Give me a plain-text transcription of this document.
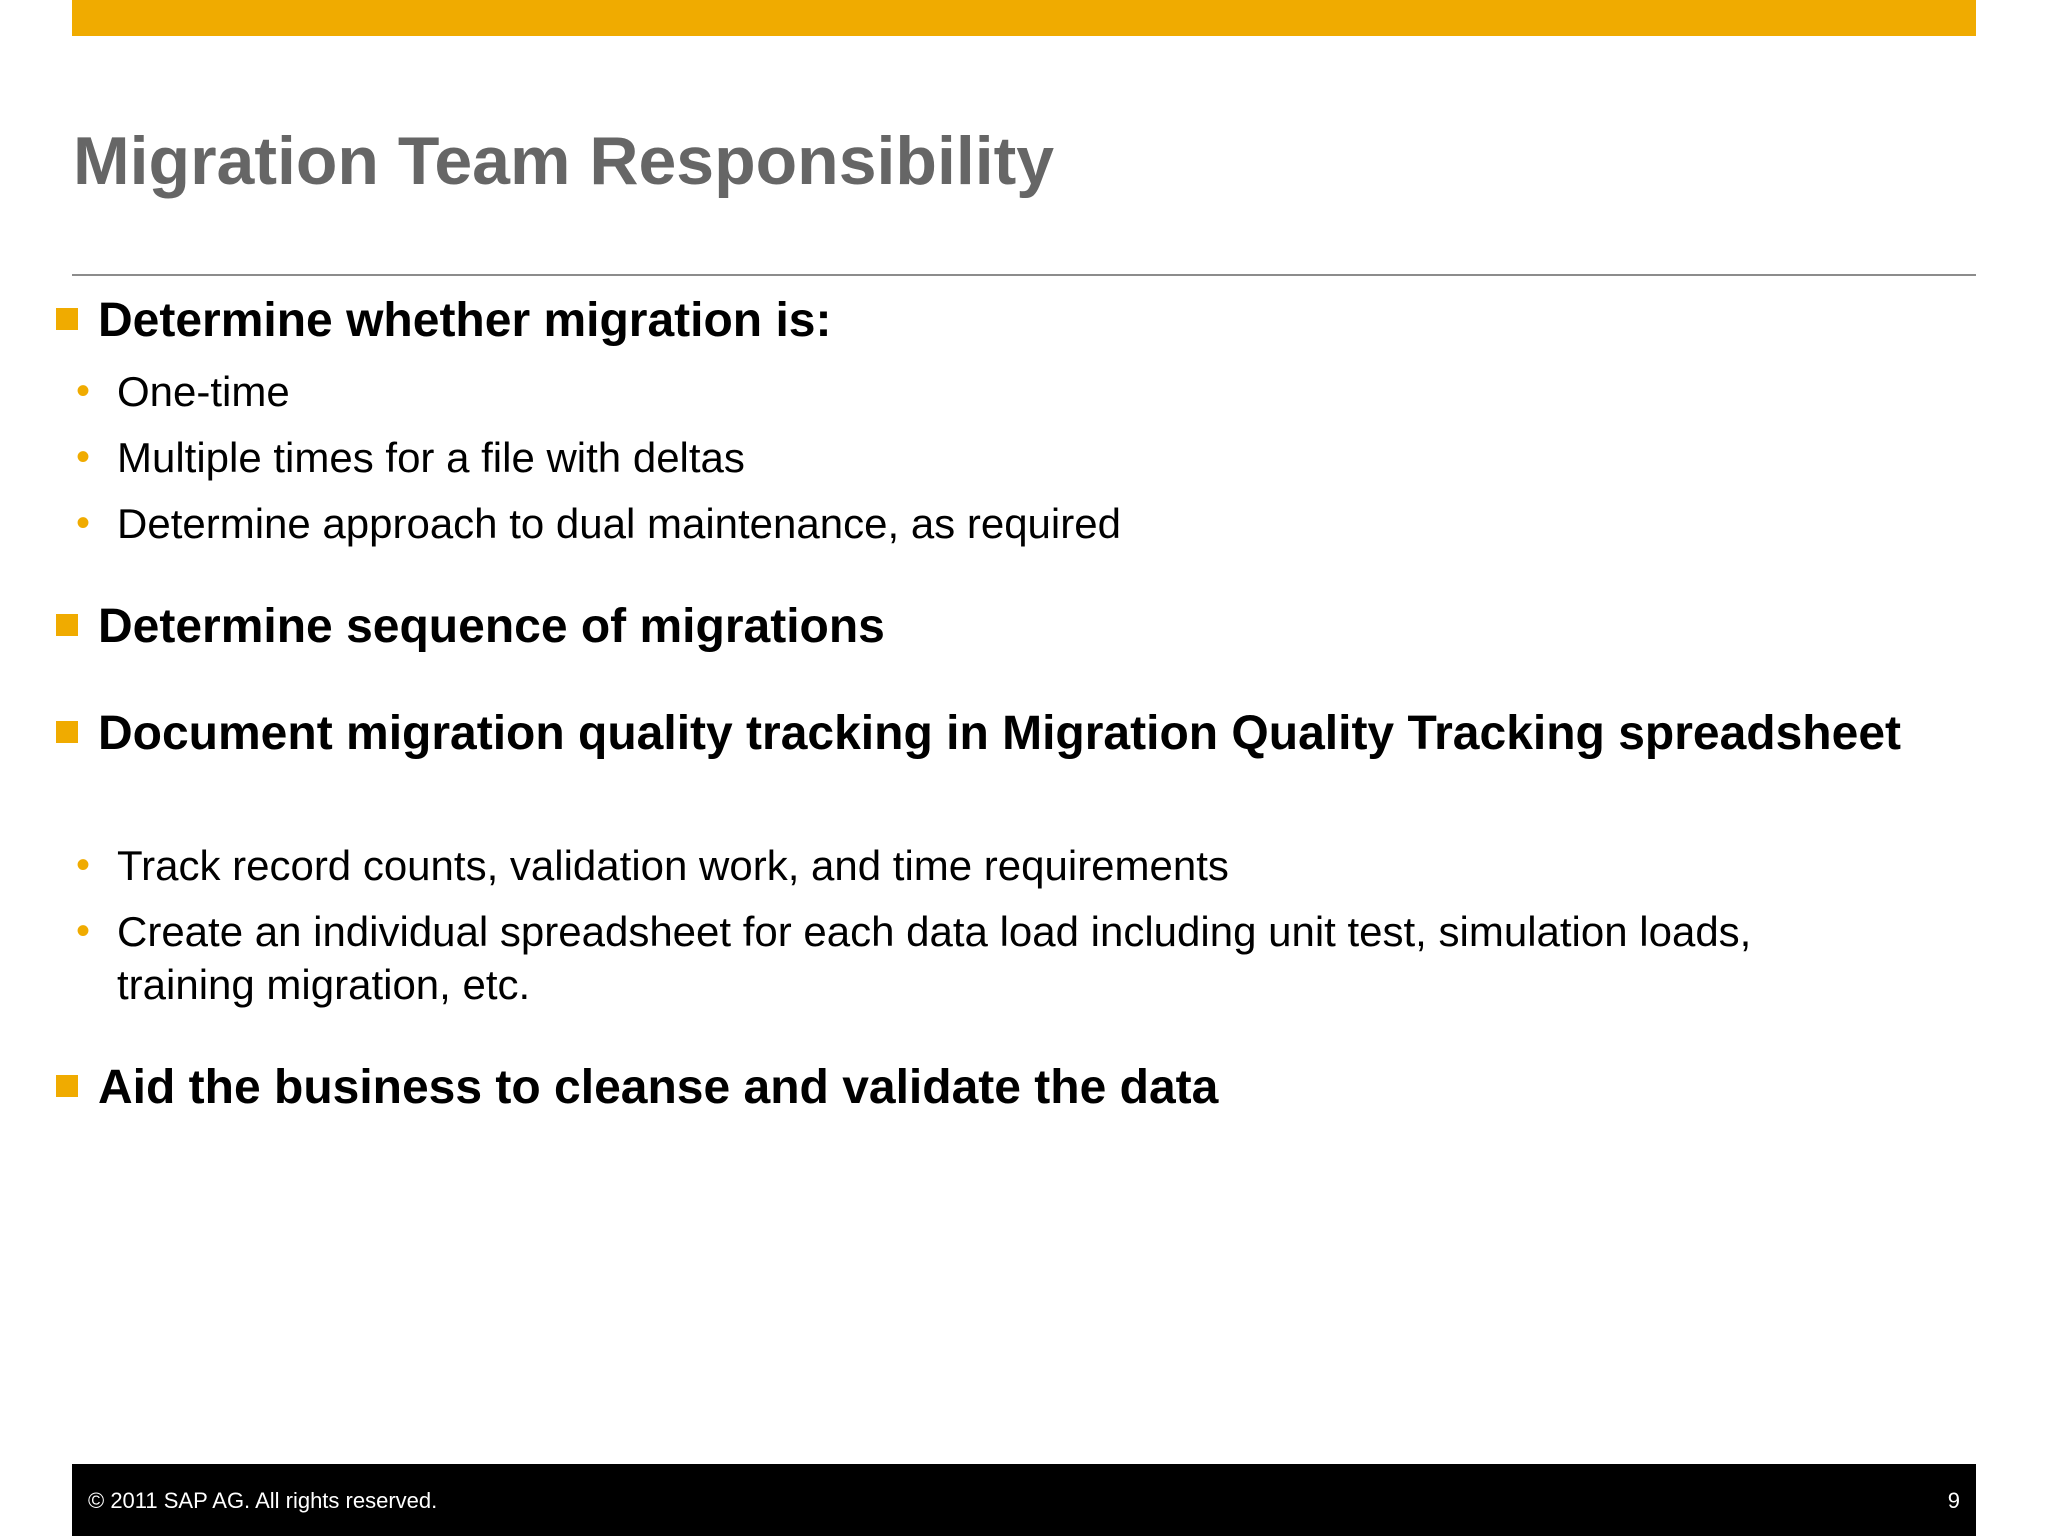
Migration Team Responsibility
Determine whether migration is:
• One-time
• Multiple times for a file with deltas
• Determine approach to dual maintenance, as required
Determine sequence of migrations
Document migration quality tracking in Migration Quality Tracking spreadsheet
• Track record counts, validation work, and time requirements
• Create an individual spreadsheet for each data load including unit test, simulation loads, training migration, etc.
Aid the business to cleanse and validate the data
© 2011 SAP AG. All rights reserved.	9
